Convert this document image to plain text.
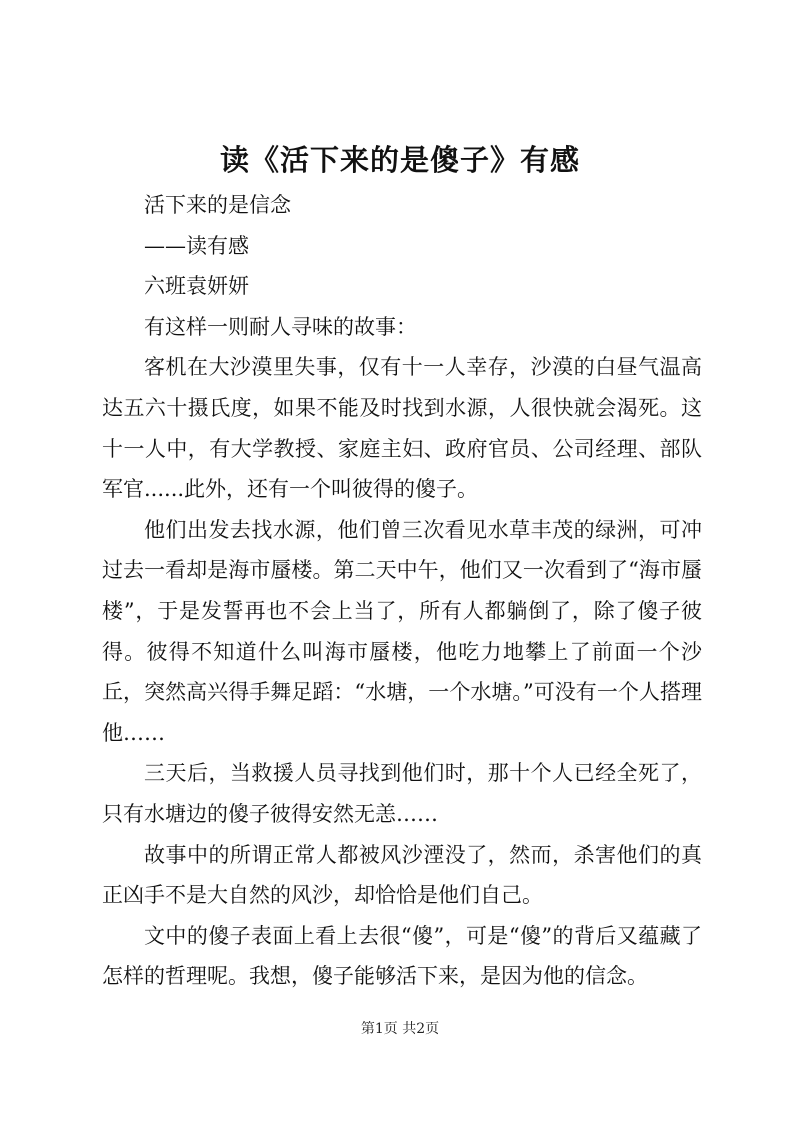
读《活下来的是傻子》有感

活下来的是信念

——读有感

六班袁妍妍

有这样一则耐人寻味的故事：

客机在大沙漠里失事，仅有十一人幸存，沙漠的白昼气温高达五六十摄氏度，如果不能及时找到水源，人很快就会渴死。这十一人中，有大学教授、家庭主妇、政府官员、公司经理、部队军官......此外，还有一个叫彼得的傻子。

他们出发去找水源，他们曾三次看见水草丰茂的绿洲，可冲过去一看却是海市蜃楼。第二天中午，他们又一次看到了“海市蜃楼”，于是发誓再也不会上当了，所有人都躺倒了，除了傻子彼得。彼得不知道什么叫海市蜃楼，他吃力地攀上了前面一个沙丘，突然高兴得手舞足蹈：“水塘，一个水塘。”可没有一个人搭理他……

三天后，当救援人员寻找到他们时，那十个人已经全死了，只有水塘边的傻子彼得安然无恙……

故事中的所谓正常人都被风沙湮没了，然而，杀害他们的真正凶手不是大自然的风沙，却恰恰是他们自己。

文中的傻子表面上看上去很“傻”，可是“傻”的背后又蕴藏了怎样的哲理呢。我想，傻子能够活下来，是因为他的信念。

第1页 共2页
